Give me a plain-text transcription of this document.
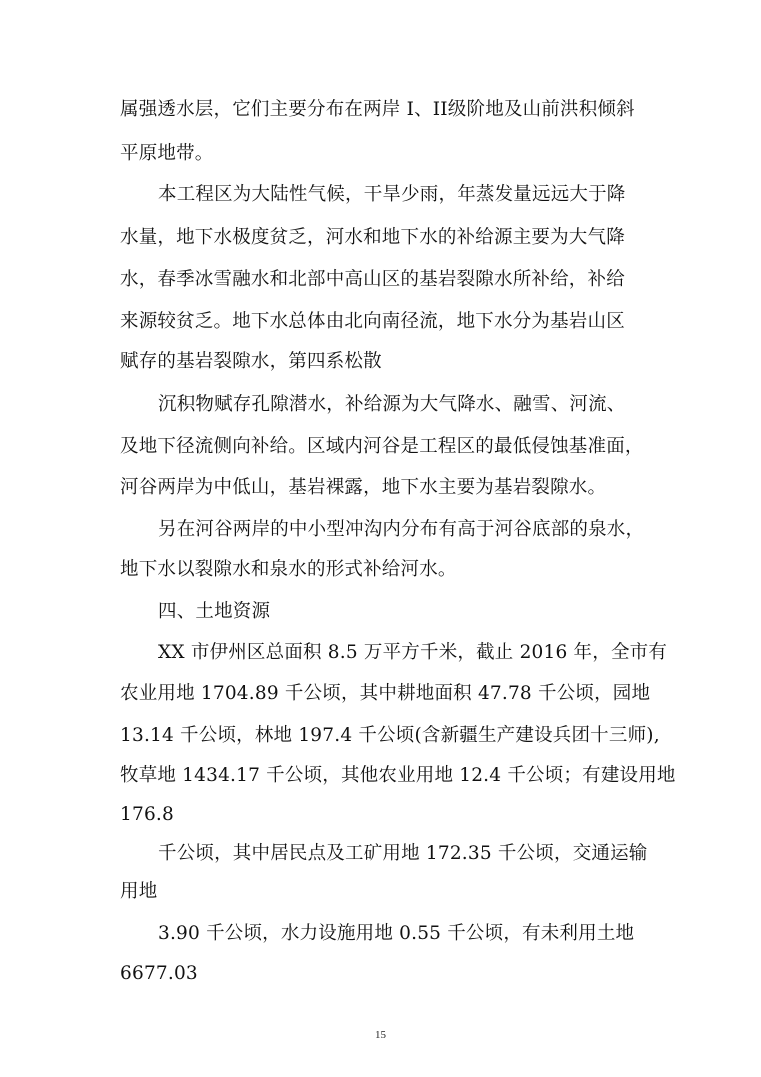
属强透水层，它们主要分布在两岸 I、II级阶地及山前洪积倾斜
平原地带。
本工程区为大陆性气候，干旱少雨，年蒸发量远远大于降
水量，地下水极度贫乏，河水和地下水的补给源主要为大气降
水，春季冰雪融水和北部中高山区的基岩裂隙水所补给，补给
来源较贫乏。地下水总体由北向南径流，地下水分为基岩山区
赋存的基岩裂隙水，第四系松散
沉积物赋存孔隙潜水，补给源为大气降水、融雪、河流、
及地下径流侧向补给。区域内河谷是工程区的最低侵蚀基准面，
河谷两岸为中低山，基岩裸露，地下水主要为基岩裂隙水。
另在河谷两岸的中小型冲沟内分布有高于河谷底部的泉水，
地下水以裂隙水和泉水的形式补给河水。
四、土地资源
XX 市伊州区总面积 8.5 万平方千米，截止 2016 年，全市有
农业用地 1704.89 千公顷，其中耕地面积 47.78 千公顷，园地
13.14 千公顷，林地 197.4 千公顷(含新疆生产建设兵团十三师),
牧草地 1434.17 千公顷，其他农业用地 12.4 千公顷；有建设用地
176.8
千公顷，其中居民点及工矿用地 172.35 千公顷，交通运输
用地
3.90 千公顷，水力设施用地 0.55 千公顷，有未利用土地
6677.03
15
